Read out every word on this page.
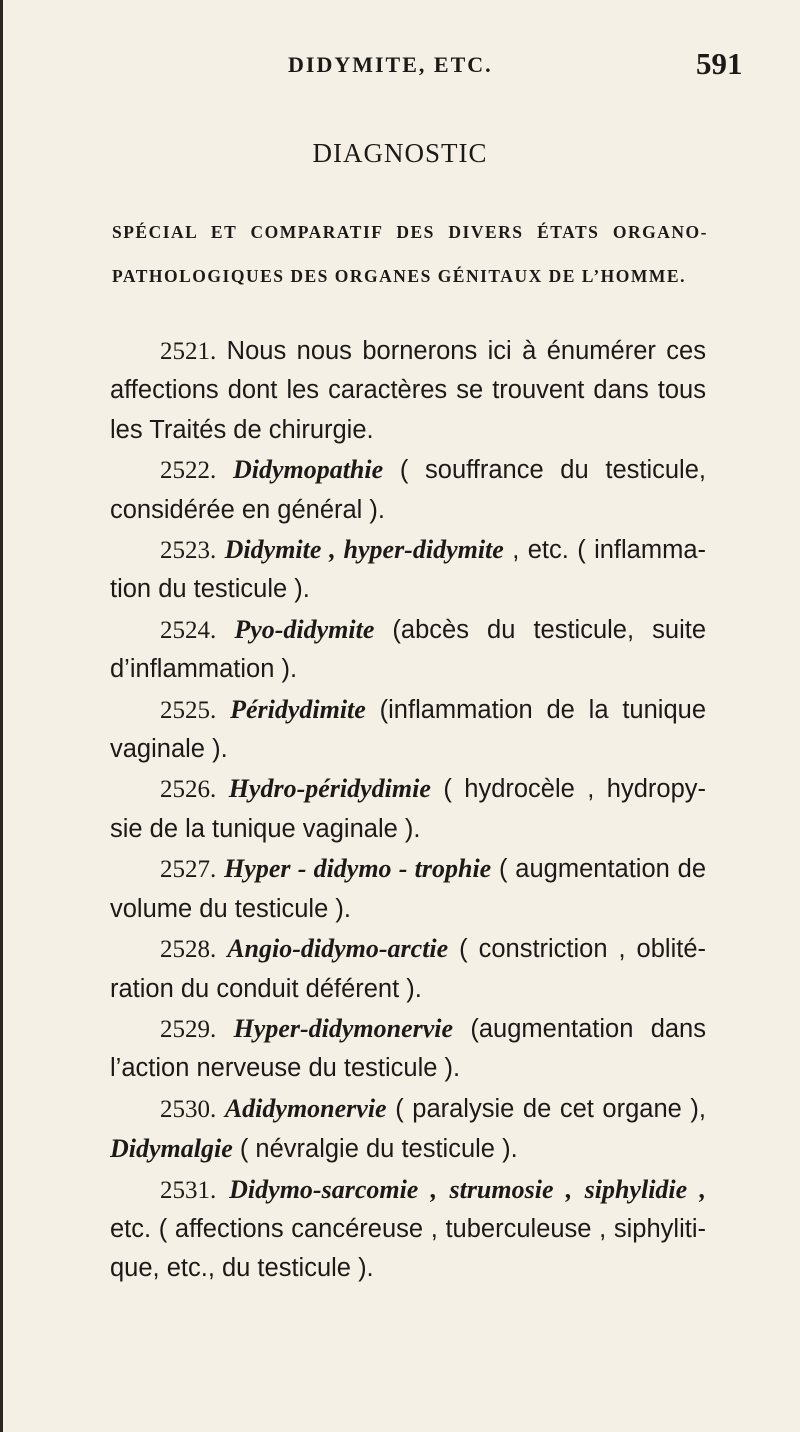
DIDYMITE, ETC.	591
DIAGNOSTIC
SPÉCIAL ET COMPARATIF DES DIVERS ÉTATS ORGANO-PATHOLOGIQUES DES ORGANES GÉNITAUX DE L’HOMME.

2521. Nous nous bornerons ici à énumérer ces affections dont les caractères se trouvent dans tous les Traités de chirurgie.

2522. Didymopathie ( souffrance du testicule, considérée en général ).

2523. Didymite , hyper-didymite , etc. ( inflamma-tion du testicule ).

2524. Pyo-didymite (abcès du testicule, suite d’inflammation ).

2525. Péridydimite (inflammation de la tunique vaginale ).

2526. Hydro-péridydimie ( hydrocèle , hydropy-sie de la tunique vaginale ).

2527. Hyper - didymo - trophie ( augmentation de volume du testicule ).

2528. Angio-didymo-arctie ( constriction , oblité-ration du conduit déférent ).

2529. Hyper-didymonervie (augmentation dans l’action nerveuse du testicule ).

2530. Adidymonervie ( paralysie de cet organe ), Didymalgie ( névralgie du testicule ).

2531. Didymo-sarcomie , strumosie , siphylidie , etc. ( affections cancéreuse , tuberculeuse , siphyliti-que, etc., du testicule ).
